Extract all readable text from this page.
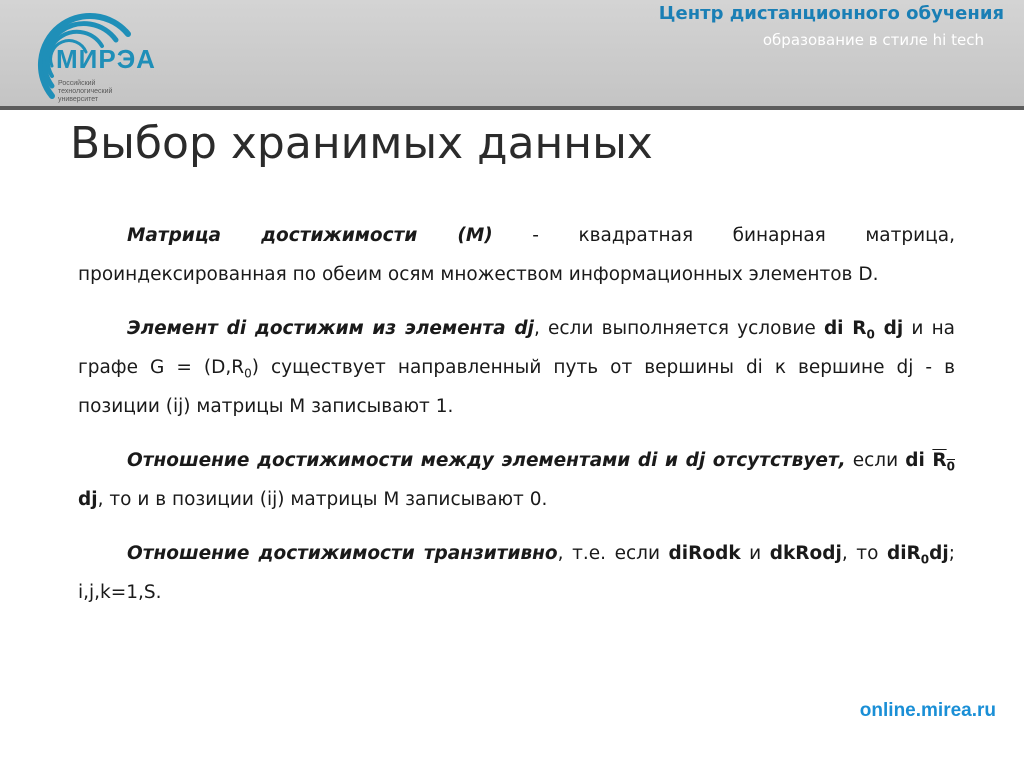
МИРЭА
Российский технологический университет
Центр дистанционного обучения
образование в стиле hi tech
Выбор хранимых данных

Матрица достижимости (М) - квадратная бинарная матрица, проиндексированная по обеим осям множеством информационных элементов D.

Элемент di достижим из элемента dj, если выполняется условие di $R_0$ dj и на графе $G = (D,R_0)$ существует направленный путь от вершины di к вершине dj - в позиции (ij) матрицы М записывают 1.

Отношение достижимости между элементами di и dj отсутствует, если di $R_0$ dj, то и в позиции (ij) матрицы М записывают 0.

Отношение достижимости транзитивно, т.е. если diRodk и dkRodj, то diR$_0$dj; i,j,k=1,S.

online.mirea.ru
